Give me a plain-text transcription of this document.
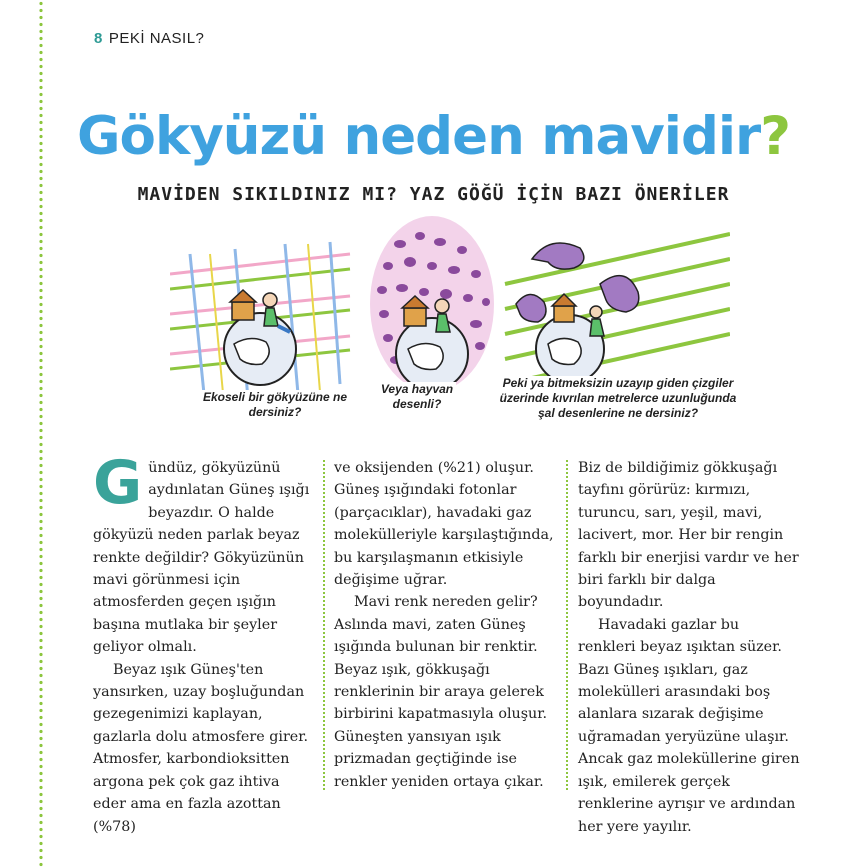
8 PEKİ NASIL?
Gökyüzü neden mavidir?
MAVİDEN SIKILDINIZ MI? YAZ GÖĞÜ İÇİN BAZI ÖNERİLER
Ekoseli bir gökyüzüne ne dersiniz?
Veya hayvan desenli?
Peki ya bitmeksizin uzayıp giden çizgiler üzerinde kıvrılan metrelerce uzunluğunda şal desenlerine ne dersiniz?
G ündüz, gökyüzünü aydınlatan Güneş ışığı beyazdır. O halde gökyüzü neden parlak beyaz renkte değildir? Gökyüzünün mavi görünmesi için atmosferden geçen ışığın başına mutlaka bir şeyler geliyor olmalı.

Beyaz ışık Güneş'ten yansırken, uzay boşluğundan gezegenimizi kaplayan, gazlarla dolu atmosfere girer. Atmosfer, karbondioksitten argona pek çok gaz ihtiva eder ama en fazla azottan (%78)

ve oksijenden (%21) oluşur. Güneş ışığındaki fotonlar (parçacıklar), havadaki gaz molekülleriyle karşılaştığında, bu karşılaşmanın etkisiyle değişime uğrar.

Mavi renk nereden gelir? Aslında mavi, zaten Güneş ışığında bulunan bir renktir. Beyaz ışık, gökkuşağı renklerinin bir araya gelerek birbirini kapatmasıyla oluşur. Güneşten yansıyan ışık prizmadan geçtiğinde ise renkler yeniden ortaya çıkar.

Biz de bildiğimiz gökkuşağı tayfını görürüz: kırmızı, turuncu, sarı, yeşil, mavi, lacivert, mor. Her bir rengin farklı bir enerjisi vardır ve her biri farklı bir dalga boyundadır.

Havadaki gazlar bu renkleri beyaz ışıktan süzer. Bazı Güneş ışıkları, gaz molekülleri arasındaki boş alanlara sızarak değişime uğramadan yeryüzüne ulaşır. Ancak gaz moleküllerine giren ışık, emilerek gerçek renklerine ayrışır ve ardından her yere yayılır.
